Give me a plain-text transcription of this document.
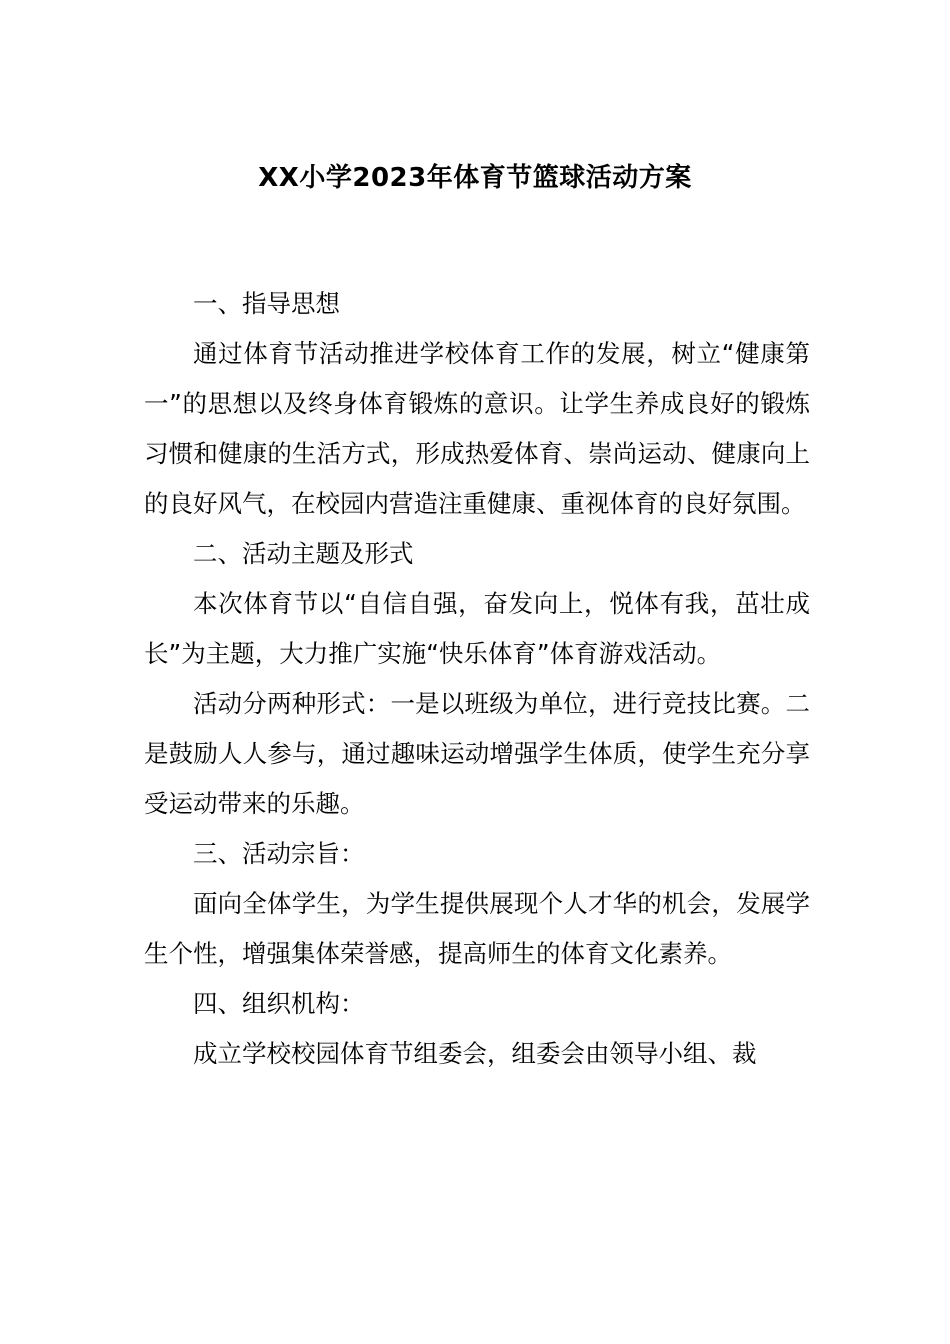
XX小学2023年体育节篮球活动方案

一、指导思想

通过体育节活动推进学校体育工作的发展，树立“健康第一”的思想以及终身体育锻炼的意识。让学生养成良好的锻炼习惯和健康的生活方式，形成热爱体育、崇尚运动、健康向上的良好风气，在校园内营造注重健康、重视体育的良好氛围。

二、活动主题及形式

本次体育节以“自信自强，奋发向上，悦体有我，茁壮成长”为主题，大力推广实施“快乐体育”体育游戏活动。

活动分两种形式：一是以班级为单位，进行竞技比赛。二是鼓励人人参与，通过趣味运动增强学生体质，使学生充分享受运动带来的乐趣。

三、活动宗旨：

面向全体学生，为学生提供展现个人才华的机会，发展学生个性，增强集体荣誉感，提高师生的体育文化素养。

四、组织机构：

成立学校校园体育节组委会，组委会由领导小组、裁
